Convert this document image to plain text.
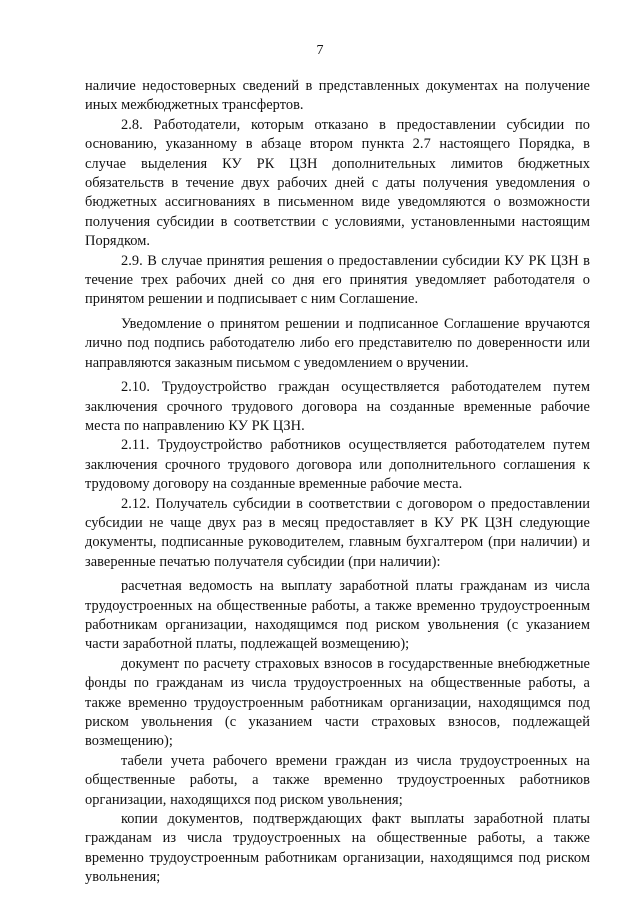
7

наличие недостоверных сведений в представленных документах на получение иных межбюджетных трансфертов.

2.8. Работодатели, которым отказано в предоставлении субсидии по основанию, указанному в абзаце втором пункта 2.7 настоящего Порядка, в случае выделения КУ РК ЦЗН дополнительных лимитов бюджетных обязательств в течение двух рабочих дней с даты получения уведомления о бюджетных ассигнованиях в письменном виде уведомляются о возможности получения субсидии в соответствии с условиями, установленными настоящим Порядком.

2.9. В случае принятия решения о предоставлении субсидии КУ РК ЦЗН в течение трех рабочих дней со дня его принятия уведомляет работодателя о принятом решении и подписывает с ним Соглашение.

Уведомление о принятом решении и подписанное Соглашение вручаются лично под подпись работодателю либо его представителю по доверенности или направляются заказным письмом с уведомлением о вручении.

2.10. Трудоустройство граждан осуществляется работодателем путем заключения срочного трудового договора на созданные временные рабочие места по направлению КУ РК ЦЗН.

2.11. Трудоустройство работников осуществляется работодателем путем заключения срочного трудового договора или дополнительного соглашения к трудовому договору на созданные временные рабочие места.

2.12. Получатель субсидии в соответствии с договором о предоставлении субсидии не чаще двух раз в месяц предоставляет в КУ РК ЦЗН следующие документы, подписанные руководителем, главным бухгалтером (при наличии) и заверенные печатью получателя субсидии (при наличии):

расчетная ведомость на выплату заработной платы гражданам из числа трудоустроенных на общественные работы, а также временно трудоустроенным работникам организации, находящимся под риском увольнения (с указанием части заработной платы, подлежащей возмещению);

документ по расчету страховых взносов в государственные внебюджетные фонды по гражданам из числа трудоустроенных на общественные работы, а также временно трудоустроенным работникам организации, находящимся под риском увольнения (с указанием части страховых взносов, подлежащей возмещению);

табели учета рабочего времени граждан из числа трудоустроенных на общественные работы, а также временно трудоустроенных работников организации, находящихся под риском увольнения;

копии документов, подтверждающих факт выплаты заработной платы гражданам из числа трудоустроенных на общественные работы, а также временно трудоустроенным работникам организации, находящимся под риском увольнения;
